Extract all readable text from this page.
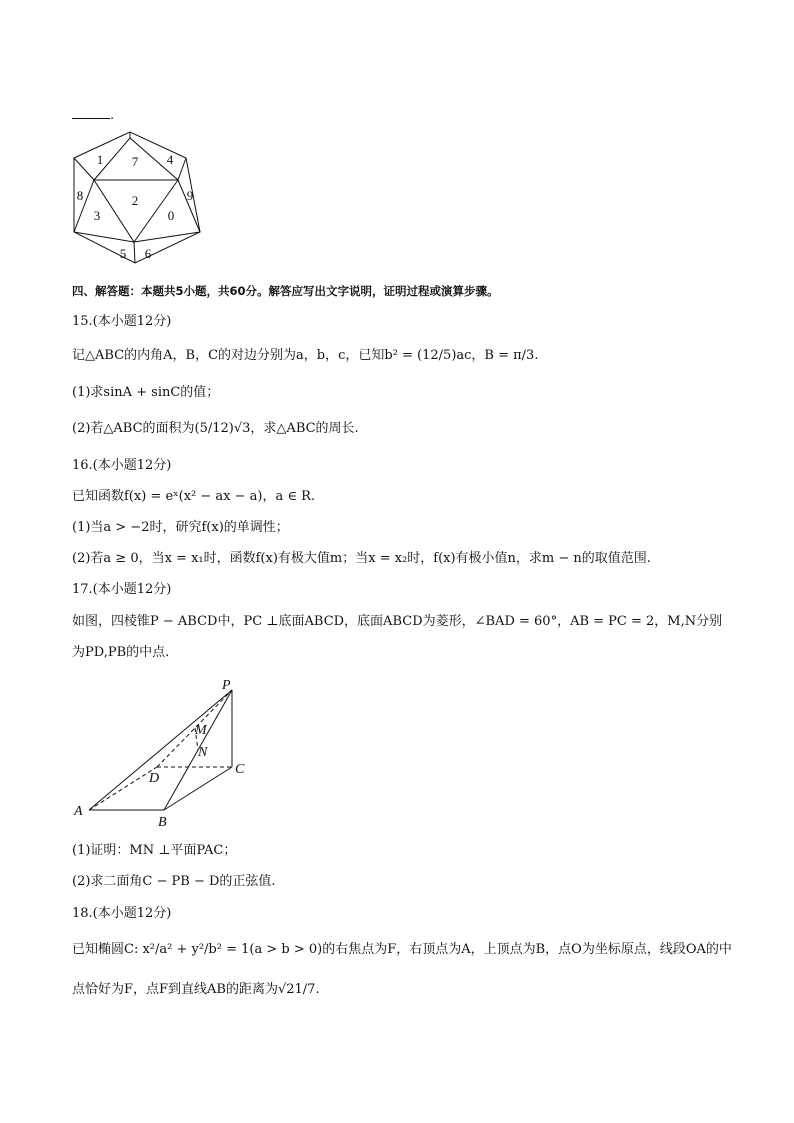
.
1 7 4
8	2	9
3	0
5 6
四、解答题：本题共5小题，共60分。解答应写出文字说明，证明过程或演算步骤。
15.(本小题12分)
记△ABC的内角A，B，C的对边分别为a，b，c，已知b² = (12/5)ac，B = π/3.
(1)求sinA + sinC的值；
(2)若△ABC的面积为(5/12)√3，求△ABC的周长.
16.(本小题12分)
已知函数f(x) = eˣ(x² − ax − a)，a ∈ R.
(1)当a > −2时，研究f(x)的单调性；
(2)若a ≥ 0，当x = x₁时，函数f(x)有极大值m；当x = x₂时，f(x)有极小值n，求m − n的取值范围.
17.(本小题12分)
如图，四棱锥P − ABCD中，PC ⊥底面ABCD，底面ABCD为菱形，∠BAD = 60°，AB = PC = 2，M,N分别
为PD,PB的中点.
P
M
N
D
C
A
B
(1)证明：MN ⊥平面PAC；
(2)求二面角C − PB − D的正弦值.
18.(本小题12分)
已知椭圆C: x²/a² + y²/b² = 1(a > b > 0)的右焦点为F，右顶点为A，上顶点为B，点O为坐标原点，线段OA的中
点恰好为F，点F到直线AB的距离为√21/7.
